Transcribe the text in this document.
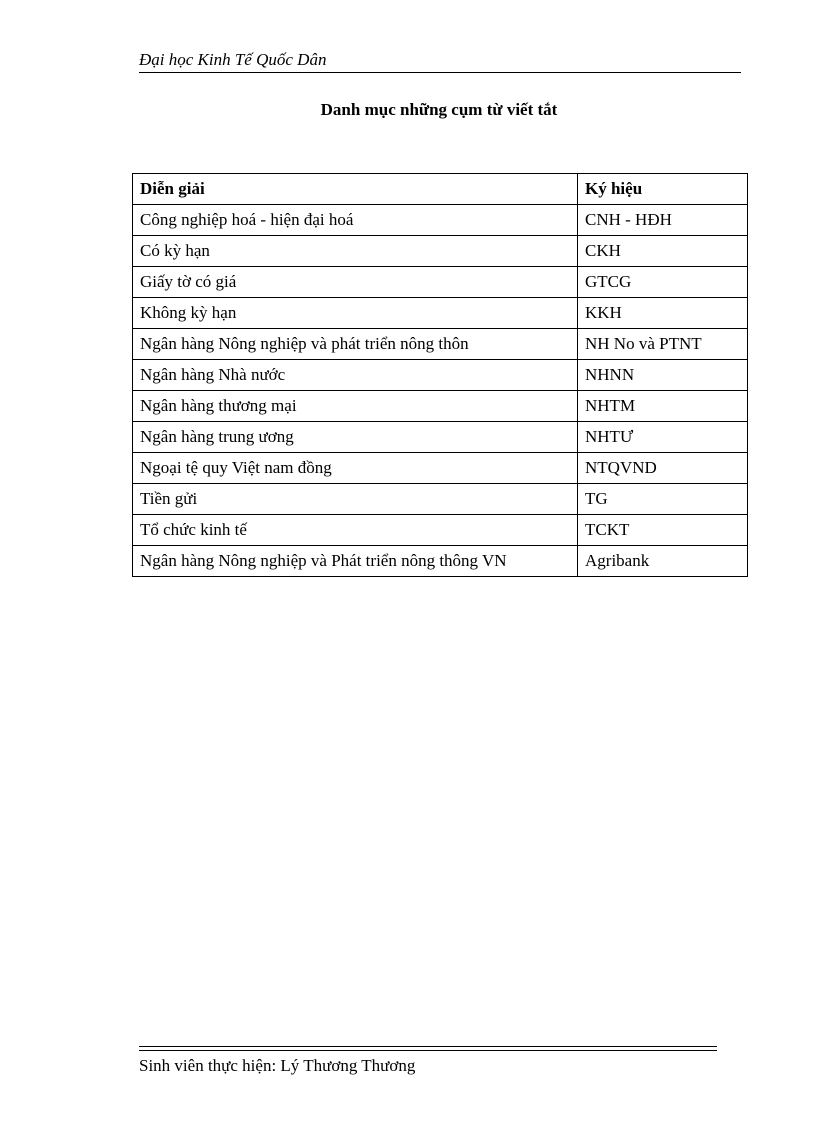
Đại học Kinh Tế Quốc Dân
Danh mục những cụm từ viết tắt
Diễn giải	Ký hiệu
Công nghiệp hoá - hiện đại hoá	CNH - HĐH
Có kỳ hạn	CKH
Giấy tờ có giá	GTCG
Không kỳ hạn	KKH
Ngân hàng Nông nghiệp và phát triển nông thôn	NH No và PTNT
Ngân hàng Nhà nước	NHNN
Ngân hàng thương mại	NHTM
Ngân hàng trung ương	NHTƯ
Ngoại tệ quy Việt nam đồng	NTQVND
Tiền gửi	TG
Tổ chức kinh tế	TCKT
Ngân hàng Nông nghiệp và Phát triển nông thông VN	Agribank
Sinh viên thực hiện: Lý Thương Thương
